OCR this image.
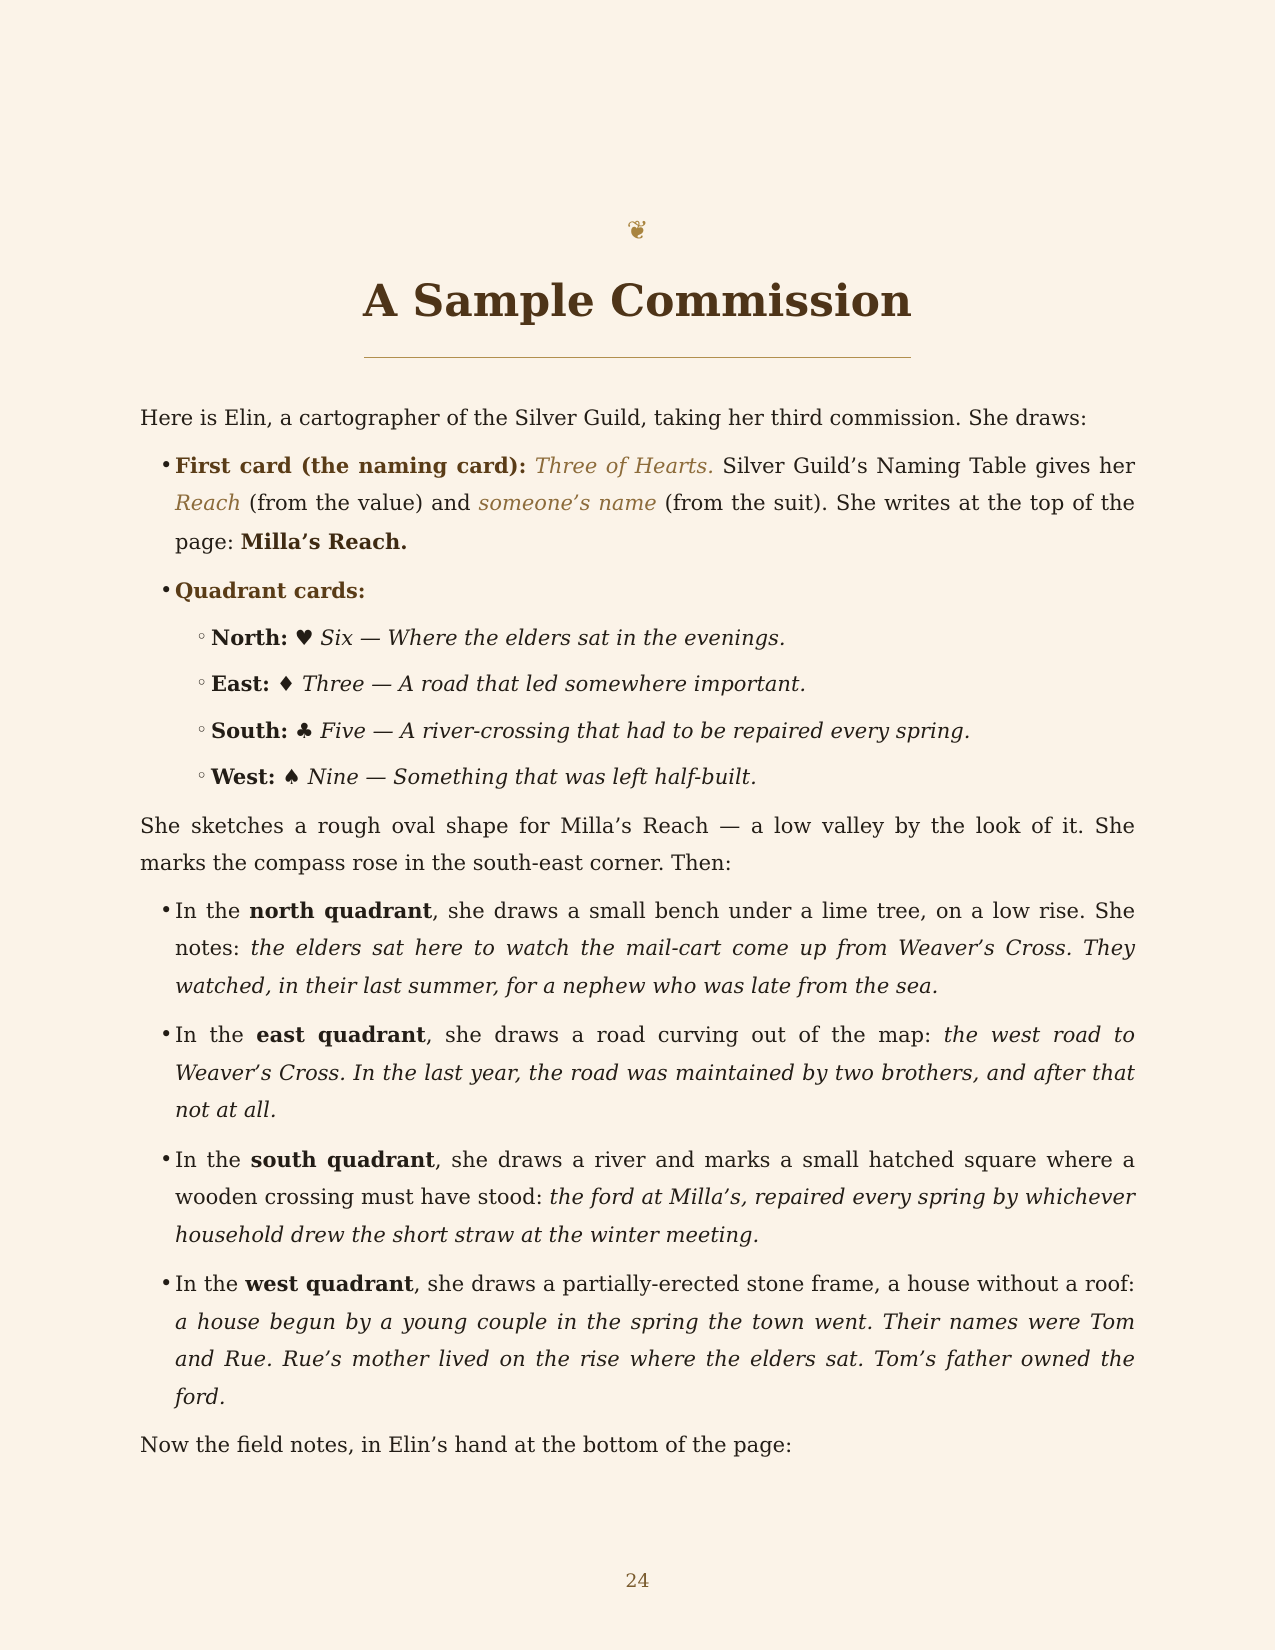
❦
A Sample Commission

Here is Elin, a cartographer of the Silver Guild, taking her third commission. She draws:

• First card (the naming card): Three of Hearts. Silver Guild’s Naming Table gives her Reach (from the value) and someone’s name (from the suit). She writes at the top of the page: Milla’s Reach.
• Quadrant cards:
◦ North: ♥ Six — Where the elders sat in the evenings.
◦ East: ♦ Three — A road that led somewhere important.
◦ South: ♣ Five — A river-crossing that had to be repaired every spring.
◦ West: ♠ Nine — Something that was left half-built.

She sketches a rough oval shape for Milla’s Reach — a low valley by the look of it. She marks the compass rose in the south-east corner. Then:

• In the north quadrant, she draws a small bench under a lime tree, on a low rise. She notes: the elders sat here to watch the mail-cart come up from Weaver’s Cross. They watched, in their last summer, for a nephew who was late from the sea.
• In the east quadrant, she draws a road curving out of the map: the west road to Weaver’s Cross. In the last year, the road was maintained by two brothers, and after that not at all.
• In the south quadrant, she draws a river and marks a small hatched square where a wooden crossing must have stood: the ford at Milla’s, repaired every spring by whichever household drew the short straw at the winter meeting.
• In the west quadrant, she draws a partially-erected stone frame, a house without a roof: a house begun by a young couple in the spring the town went. Their names were Tom and Rue. Rue’s mother lived on the rise where the elders sat. Tom’s father owned the ford.

Now the field notes, in Elin’s hand at the bottom of the page:

24
